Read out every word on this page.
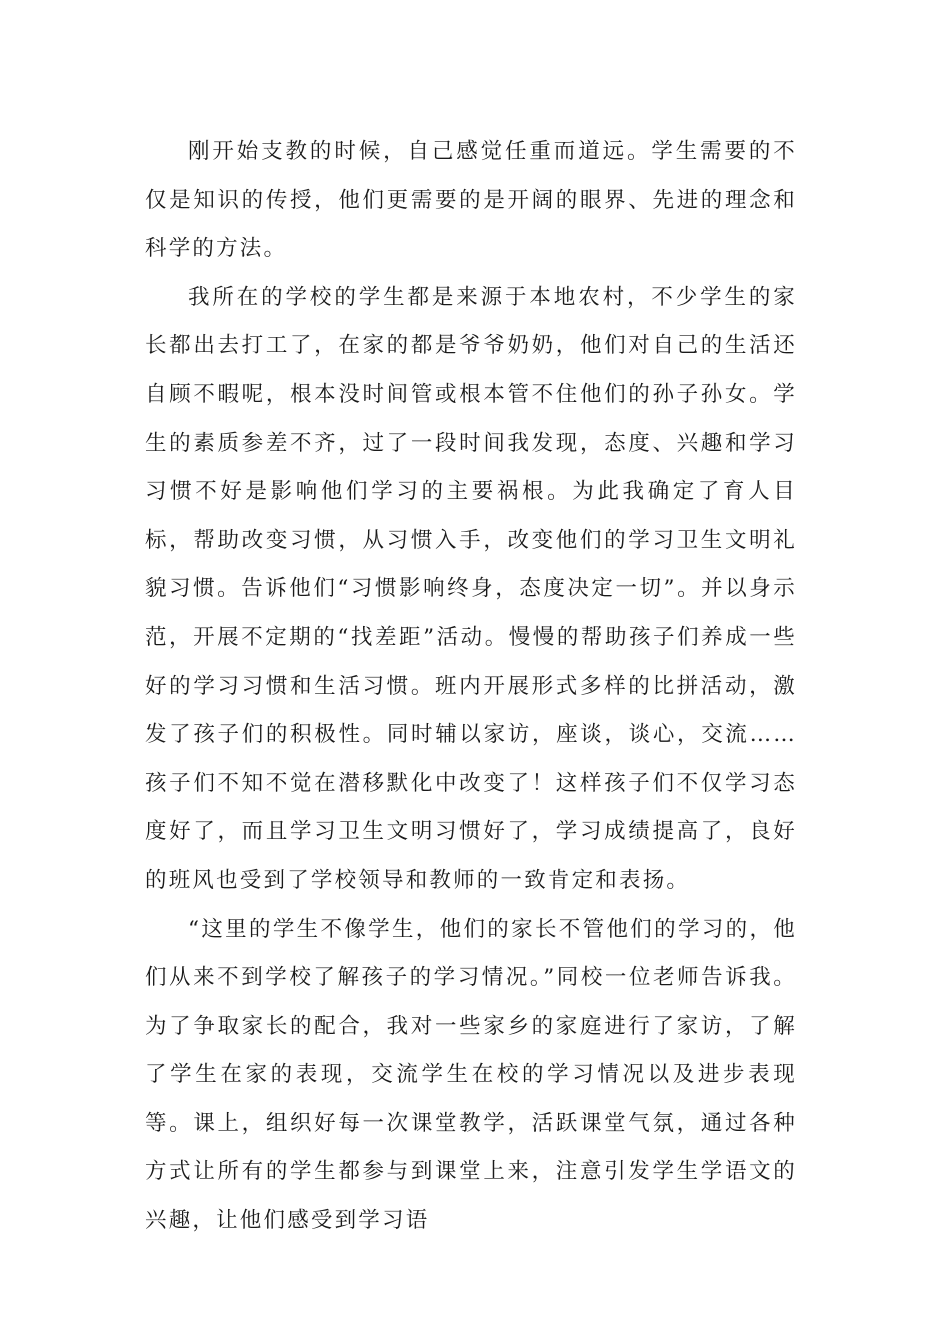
刚开始支教的时候，自己感觉任重而道远。学生需要的不仅是知识的传授，他们更需要的是开阔的眼界、先进的理念和科学的方法。

我所在的学校的学生都是来源于本地农村，不少学生的家长都出去打工了，在家的都是爷爷奶奶，他们对自己的生活还自顾不暇呢，根本没时间管或根本管不住他们的孙子孙女。学生的素质参差不齐，过了一段时间我发现，态度、兴趣和学习习惯不好是影响他们学习的主要祸根。为此我确定了育人目标，帮助改变习惯，从习惯入手，改变他们的学习卫生文明礼貌习惯。告诉他们“习惯影响终身，态度决定一切”。并以身示范，开展不定期的“找差距”活动。慢慢的帮助孩子们养成一些好的学习习惯和生活习惯。班内开展形式多样的比拼活动，激发了孩子们的积极性。同时辅以家访，座谈，谈心，交流……孩子们不知不觉在潜移默化中改变了！这样孩子们不仅学习态度好了，而且学习卫生文明习惯好了，学习成绩提高了，良好的班风也受到了学校领导和教师的一致肯定和表扬。

“这里的学生不像学生，他们的家长不管他们的学习的，他们从来不到学校了解孩子的学习情况。”同校一位老师告诉我。为了争取家长的配合，我对一些家乡的家庭进行了家访，了解了学生在家的表现，交流学生在校的学习情况以及进步表现等。课上，组织好每一次课堂教学，活跃课堂气氛，通过各种方式让所有的学生都参与到课堂上来，注意引发学生学语文的兴趣，让他们感受到学习语
